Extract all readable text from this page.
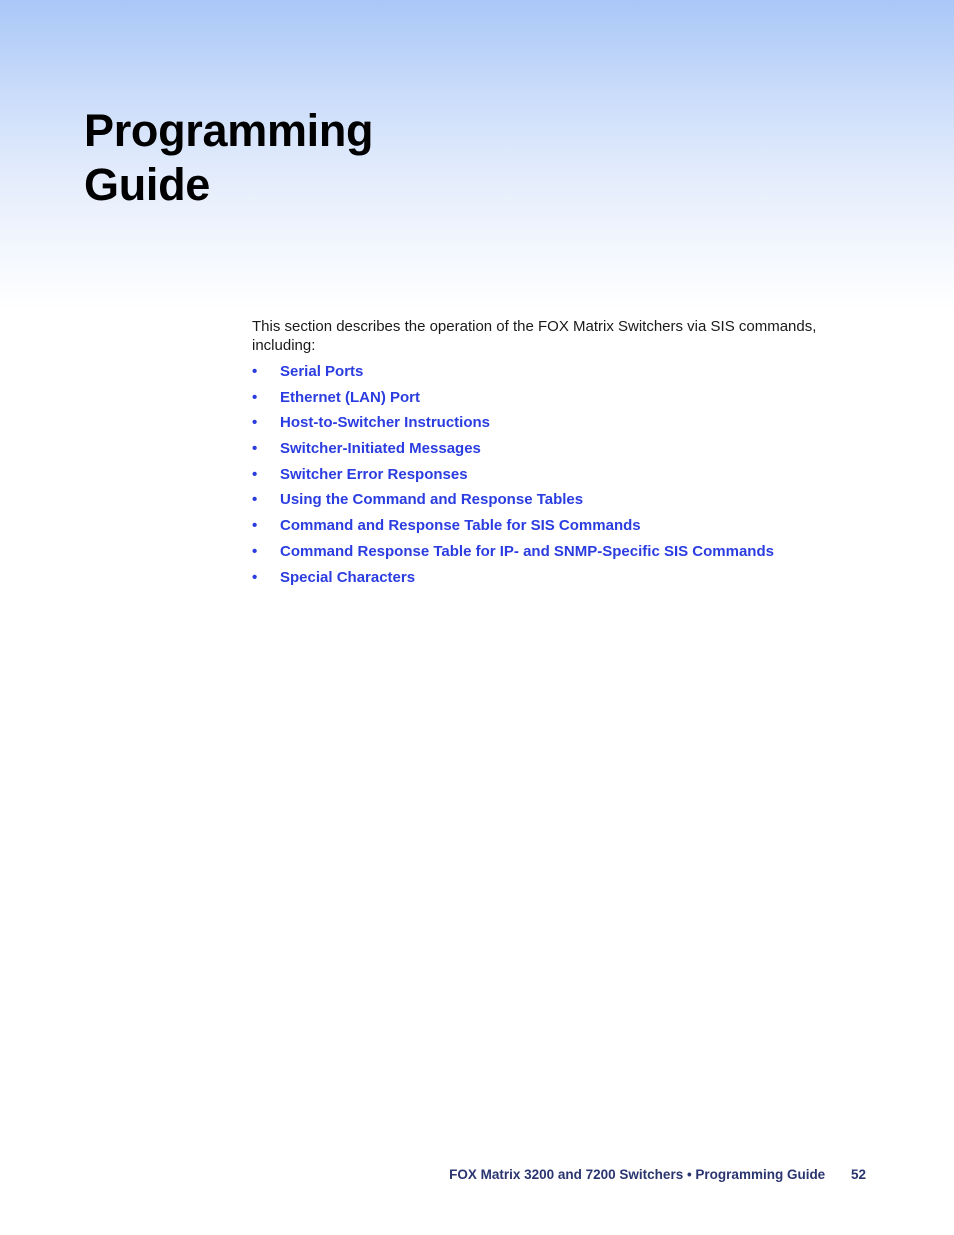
Programming
Guide

This section describes the operation of the FOX Matrix Switchers via SIS commands, including:

• Serial Ports
• Ethernet (LAN) Port
• Host-to-Switcher Instructions
• Switcher-Initiated Messages
• Switcher Error Responses
• Using the Command and Response Tables
• Command and Response Table for SIS Commands
• Command Response Table for IP- and SNMP-Specific SIS Commands
• Special Characters
FOX Matrix 3200 and 7200 Switchers • Programming Guide 52
